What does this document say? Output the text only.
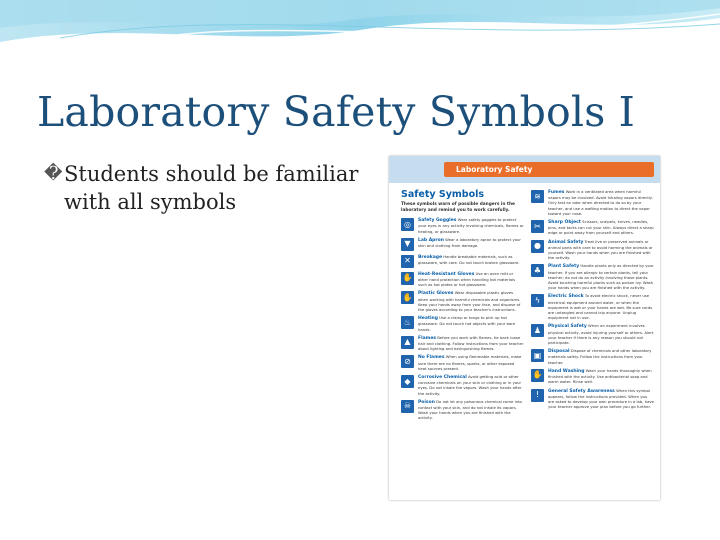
Laboratory Safety Symbols I
� Students should be familiar with all symbols
Laboratory Safety
Safety Symbols
These symbols warn of possible dangers in the laboratory and remind you to work carefully.
◎	Safety Goggles Wear safety goggles to protect your eyes in any activity involving chemicals, flames or heating, or glassware.
▼	Lab Apron Wear a laboratory apron to protect your skin and clothing from damage.
✕	Breakage Handle breakable materials, such as glassware, with care. Do not touch broken glassware.
✋	Heat-Resistant Gloves Use an oven mitt or other hand protection when handling hot materials such as hot plates or hot glassware.
✋	Plastic Gloves Wear disposable plastic gloves when working with harmful chemicals and organisms. Keep your hands away from your face, and dispose of the gloves according to your teacher's instructions.
♨	Heating Use a clamp or tongs to pick up hot glassware. Do not touch hot objects with your bare hands.
▲	Flames Before you work with flames, tie back loose hair and clothing. Follow instructions from your teacher about lighting and extinguishing flames.
⊘	No Flames When using flammable materials, make sure there are no flames, sparks, or other exposed heat sources present.
◆	Corrosive Chemical Avoid getting acid or other corrosive chemicals on your skin or clothing or in your eyes. Do not inhale the vapors. Wash your hands after the activity.
☠	Poison Do not let any poisonous chemical come into contact with your skin, and do not inhale its vapors. Wash your hands when you are finished with the activity.
≋	Fumes Work in a ventilated area when harmful vapors may be involved. Avoid inhaling vapors directly. Only test an odor when directed to do so by your teacher, and use a wafting motion to direct the vapor toward your nose.
✂	Sharp Object Scissors, scalpels, knives, needles, pins, and tacks can cut your skin. Always direct a sharp edge or point away from yourself and others.
●	Animal Safety Treat live or preserved animals or animal parts with care to avoid harming the animals or yourself. Wash your hands when you are finished with the activity.
♣	Plant Safety Handle plants only as directed by your teacher. If you are allergic to certain plants, tell your teacher; do not do an activity involving those plants. Avoid touching harmful plants such as poison ivy. Wash your hands when you are finished with the activity.
ϟ	Electric Shock To avoid electric shock, never use electrical equipment around water, or when the equipment is wet or your hands are wet. Be sure cords are untangled and cannot trip anyone. Unplug equipment not in use.
♟	Physical Safety When an experiment involves physical activity, avoid injuring yourself or others. Alert your teacher if there is any reason you should not participate.
▣	Disposal Dispose of chemicals and other laboratory materials safely. Follow the instructions from your teacher.
✋	Hand Washing Wash your hands thoroughly when finished with the activity. Use antibacterial soap and warm water. Rinse well.
!	General Safety Awareness When this symbol appears, follow the instructions provided. When you are asked to develop your own procedure in a lab, have your teacher approve your plan before you go further.
